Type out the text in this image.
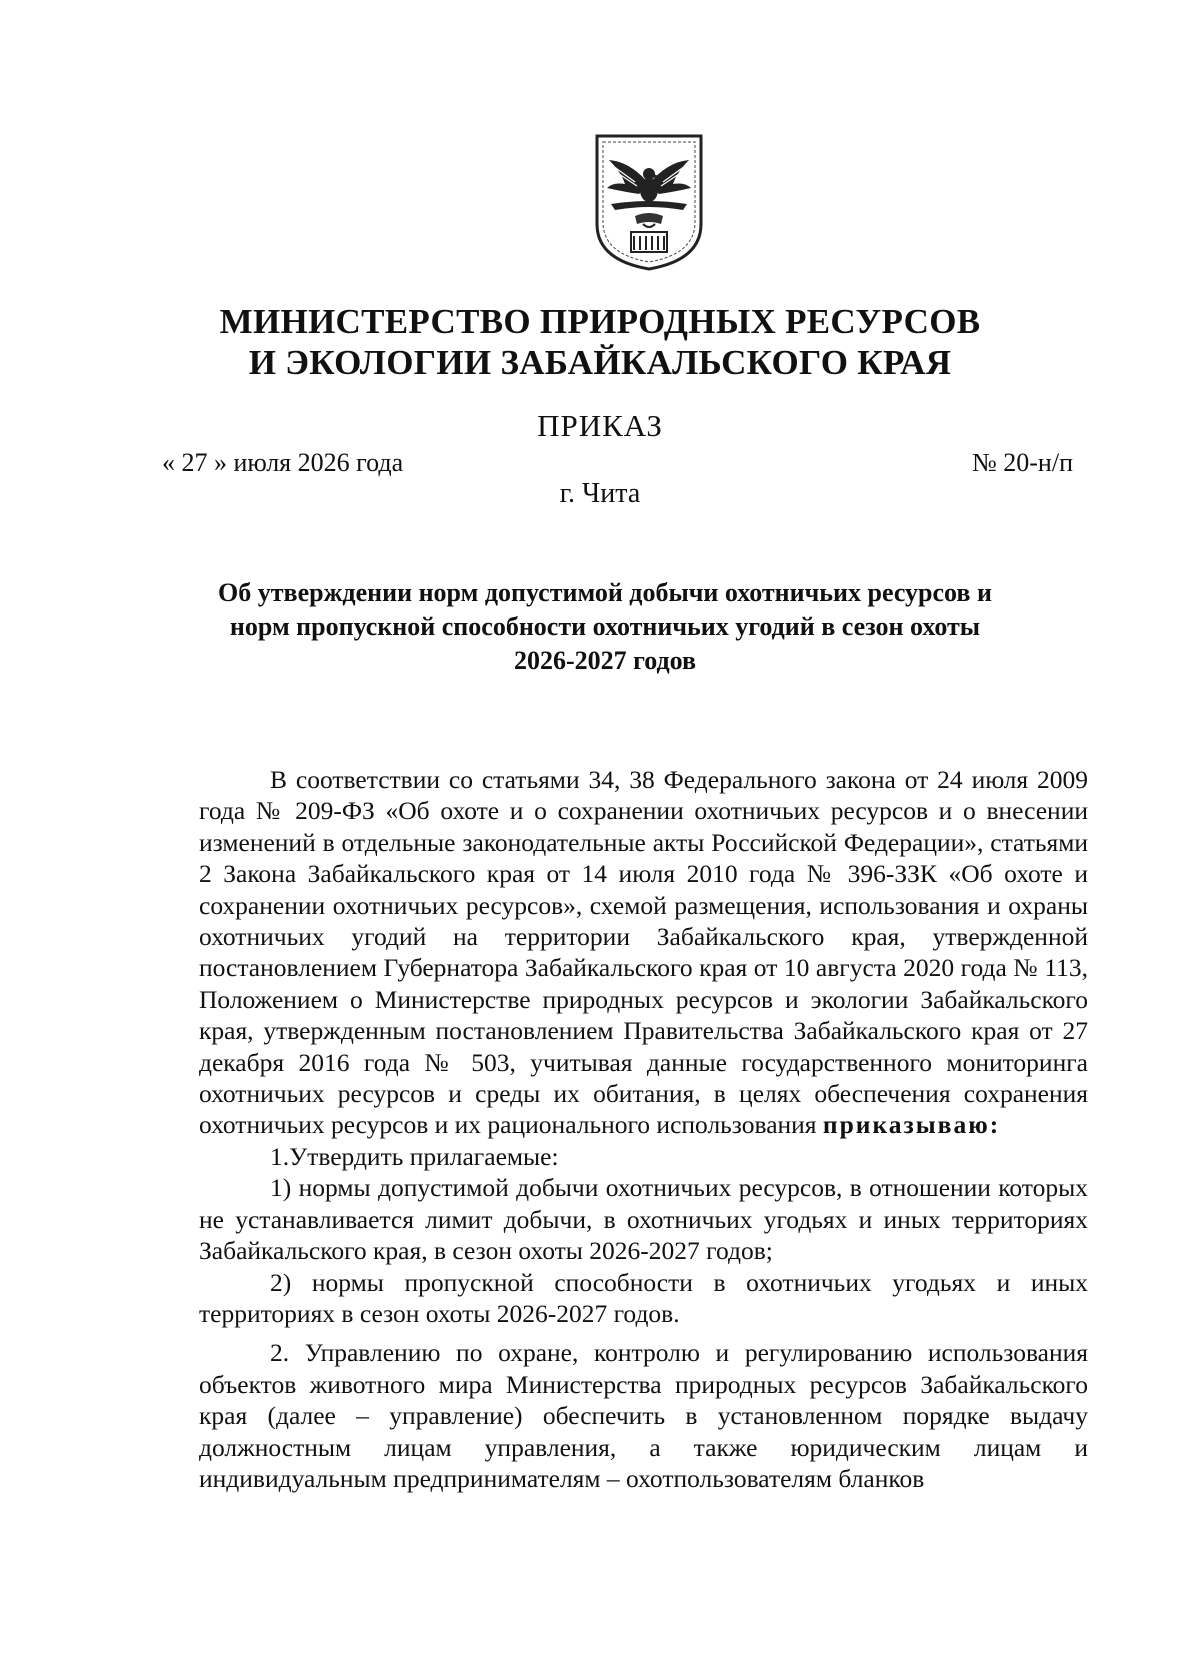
МИНИСТЕРСТВО ПРИРОДНЫХ РЕСУРСОВ
И ЭКОЛОГИИ ЗАБАЙКАЛЬСКОГО КРАЯ
ПРИКАЗ
« 27 » июля 2026 года	№ 20-н/п
г. Чита
Об утверждении норм допустимой добычи охотничьих ресурсов и норм пропускной способности охотничьих угодий в сезон охоты 2026-2027 годов

В соответствии со статьями 34, 38 Федерального закона от 24 июля 2009 года № 209-ФЗ «Об охоте и о сохранении охотничьих ресурсов и о внесении изменений в отдельные законодательные акты Российской Федерации», статьями 2 Закона Забайкальского края от 14 июля 2010 года № 396-ЗЗК «Об охоте и сохранении охотничьих ресурсов», схемой размещения, использования и охраны охотничьих угодий на территории Забайкальского края, утвержденной постановлением Губернатора Забайкальского края от 10 августа 2020 года № 113, Положением о Министерстве природных ресурсов и экологии Забайкальского края, утвержденным постановлением Правительства Забайкальского края от 27 декабря 2016 года № 503, учитывая данные государственного мониторинга охотничьих ресурсов и среды их обитания, в целях обеспечения сохранения охотничьих ресурсов и их рационального использования приказываю:

1.Утвердить прилагаемые:

1) нормы допустимой добычи охотничьих ресурсов, в отношении которых не устанавливается лимит добычи, в охотничьих угодьях и иных территориях Забайкальского края, в сезон охоты 2026-2027 годов;

2) нормы пропускной способности в охотничьих угодьях и иных территориях в сезон охоты 2026-2027 годов.

2. Управлению по охране, контролю и регулированию использования объектов животного мира Министерства природных ресурсов Забайкальского края (далее – управление) обеспечить в установленном порядке выдачу должностным лицам управления, а также юридическим лицам и индивидуальным предпринимателям – охотпользователям бланков
